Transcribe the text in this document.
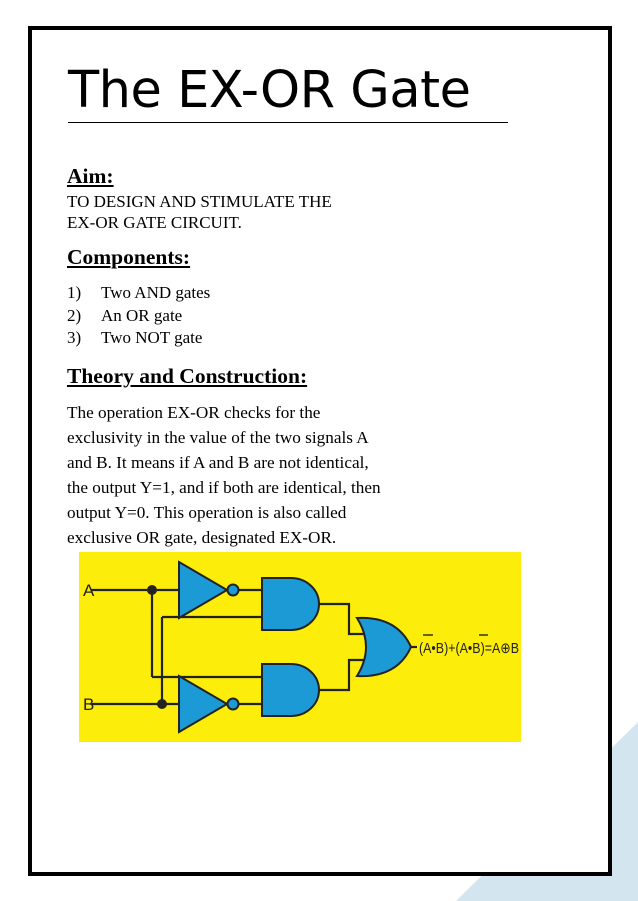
The EX-OR Gate
Aim:
TO DESIGN AND STIMULATE THE
EX-OR GATE CIRCUIT.
Components:
1) Two AND gates
2) An OR gate
3) Two NOT gate
Theory and Construction:
The operation EX-OR checks for the
exclusivity in the value of the two signals A
and B. It means if A and B are not identical,
the output Y=1, and if both are identical, then
output Y=0. This operation is also called
exclusive OR gate, designated EX-OR.
A
B
(A•B)+(A•B)=A⊕B
